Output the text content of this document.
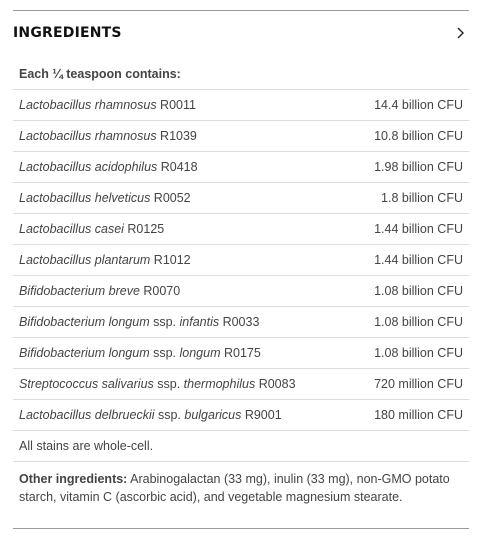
INGREDIENTS
Each ¼ teaspoon contains:
Lactobacillus rhamnosus R0011	14.4 billion CFU
Lactobacillus rhamnosus R1039	10.8 billion CFU
Lactobacillus acidophilus R0418	1.98 billion CFU
Lactobacillus helveticus R0052	1.8 billion CFU
Lactobacillus casei R0125	1.44 billion CFU
Lactobacillus plantarum R1012	1.44 billion CFU
Bifidobacterium breve R0070	1.08 billion CFU
Bifidobacterium longum ssp. infantis R0033	1.08 billion CFU
Bifidobacterium longum ssp. longum R0175	1.08 billion CFU
Streptococcus salivarius ssp. thermophilus R0083	720 million CFU
Lactobacillus delbrueckii ssp. bulgaricus R9001	180 million CFU
All stains are whole-cell.
Other ingredients: Arabinogalactan (33 mg), inulin (33 mg), non-GMO potato starch, vitamin C (ascorbic acid), and vegetable magnesium stearate.
